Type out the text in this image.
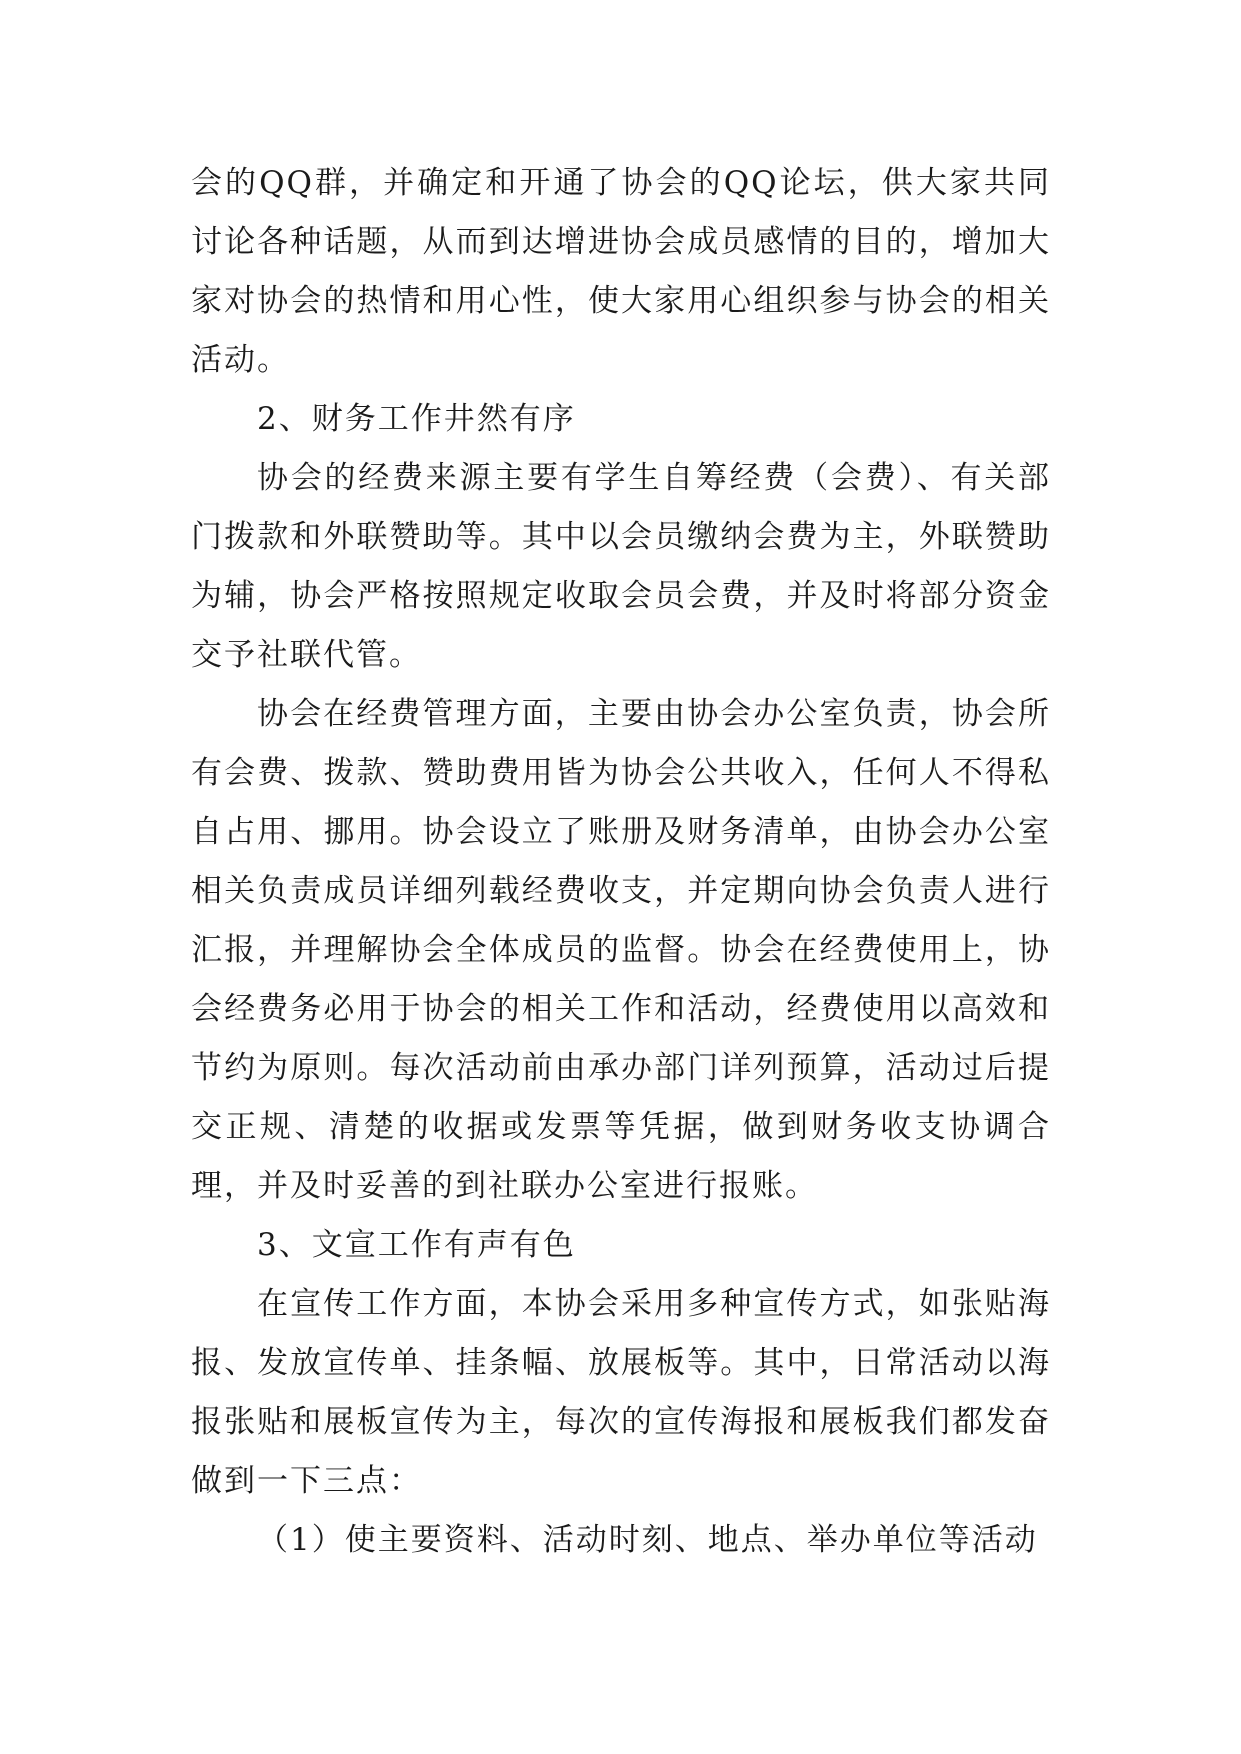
会的QQ群，并确定和开通了协会的QQ论坛，供大家共同讨论各种话题，从而到达增进协会成员感情的目的，增加大家对协会的热情和用心性，使大家用心组织参与协会的相关活动。

2、财务工作井然有序

协会的经费来源主要有学生自筹经费（会费）、有关部门拨款和外联赞助等。其中以会员缴纳会费为主，外联赞助为辅，协会严格按照规定收取会员会费，并及时将部分资金交予社联代管。

协会在经费管理方面，主要由协会办公室负责，协会所有会费、拨款、赞助费用皆为协会公共收入，任何人不得私自占用、挪用。协会设立了账册及财务清单，由协会办公室相关负责成员详细列载经费收支，并定期向协会负责人进行汇报，并理解协会全体成员的监督。协会在经费使用上，协会经费务必用于协会的相关工作和活动，经费使用以高效和节约为原则。每次活动前由承办部门详列预算，活动过后提交正规、清楚的收据或发票等凭据，做到财务收支协调合理，并及时妥善的到社联办公室进行报账。

3、文宣工作有声有色

在宣传工作方面，本协会采用多种宣传方式，如张贴海报、发放宣传单、挂条幅、放展板等。其中，日常活动以海报张贴和展板宣传为主，每次的宣传海报和展板我们都发奋做到一下三点：

（1）使主要资料、活动时刻、地点、举办单位等活动
